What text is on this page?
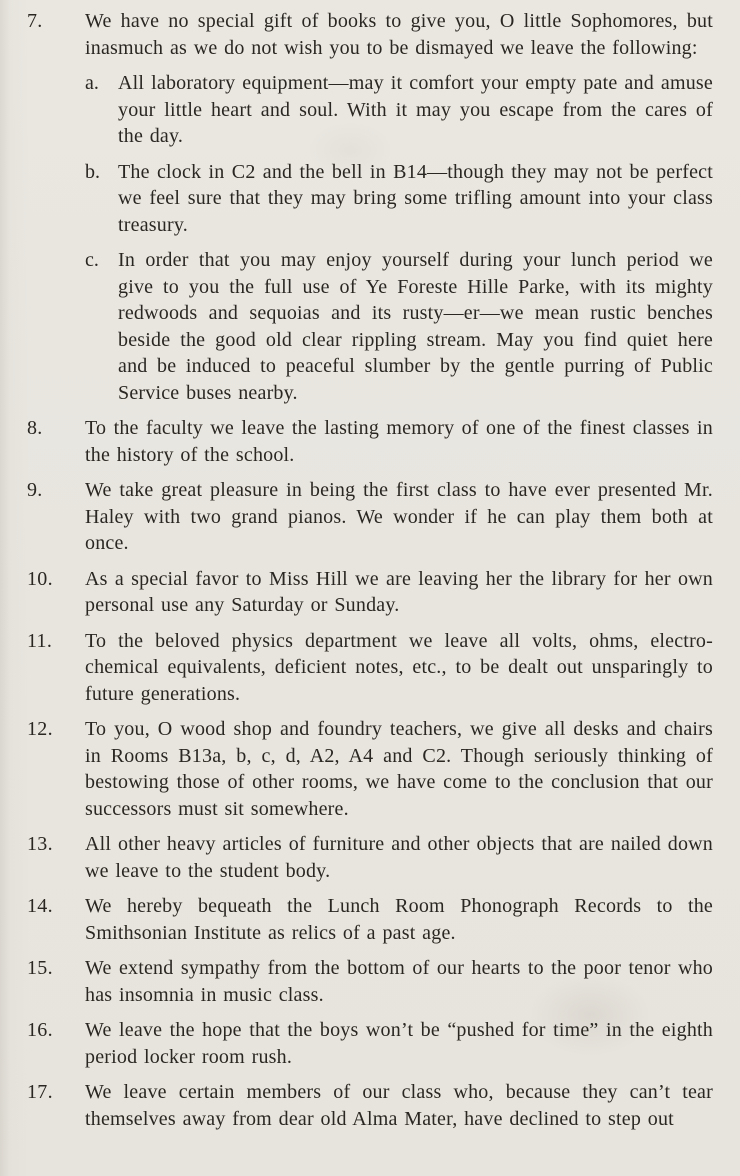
7.	We have no special gift of books to give you, O little Sophomores, but inasmuch as we do not wish you to be dismayed we leave the following:
a. All laboratory equipment—may it comfort your empty pate and amuse your little heart and soul. With it may you escape from the cares of the day.
b. The clock in C2 and the bell in B14—though they may not be perfect we feel sure that they may bring some trifling amount into your class treasury.
c. In order that you may enjoy yourself during your lunch period we give to you the full use of Ye Foreste Hille Parke, with its mighty redwoods and sequoias and its rusty—er—we mean rustic benches beside the good old clear rippling stream. May you find quiet here and be induced to peaceful slumber by the gentle purring of Public Service buses nearby.
8.	To the faculty we leave the lasting memory of one of the finest classes in the history of the school.
9.	We take great pleasure in being the first class to have ever presented Mr. Haley with two grand pianos. We wonder if he can play them both at once.
10.	As a special favor to Miss Hill we are leaving her the library for her own personal use any Saturday or Sunday.
11.	To the beloved physics department we leave all volts, ohms, electro-chemical equivalents, deficient notes, etc., to be dealt out unsparingly to future generations.
12.	To you, O wood shop and foundry teachers, we give all desks and chairs in Rooms B13a, b, c, d, A2, A4 and C2. Though seriously thinking of bestowing those of other rooms, we have come to the conclusion that our successors must sit somewhere.
13.	All other heavy articles of furniture and other objects that are nailed down we leave to the student body.
14.	We hereby bequeath the Lunch Room Phonograph Records to the Smithsonian Institute as relics of a past age.
15.	We extend sympathy from the bottom of our hearts to the poor tenor who has insomnia in music class.
16.	We leave the hope that the boys won’t be “pushed for time” in the eighth period locker room rush.
17.	We leave certain members of our class who, because they can’t tear themselves away from dear old Alma Mater, have declined to step out
